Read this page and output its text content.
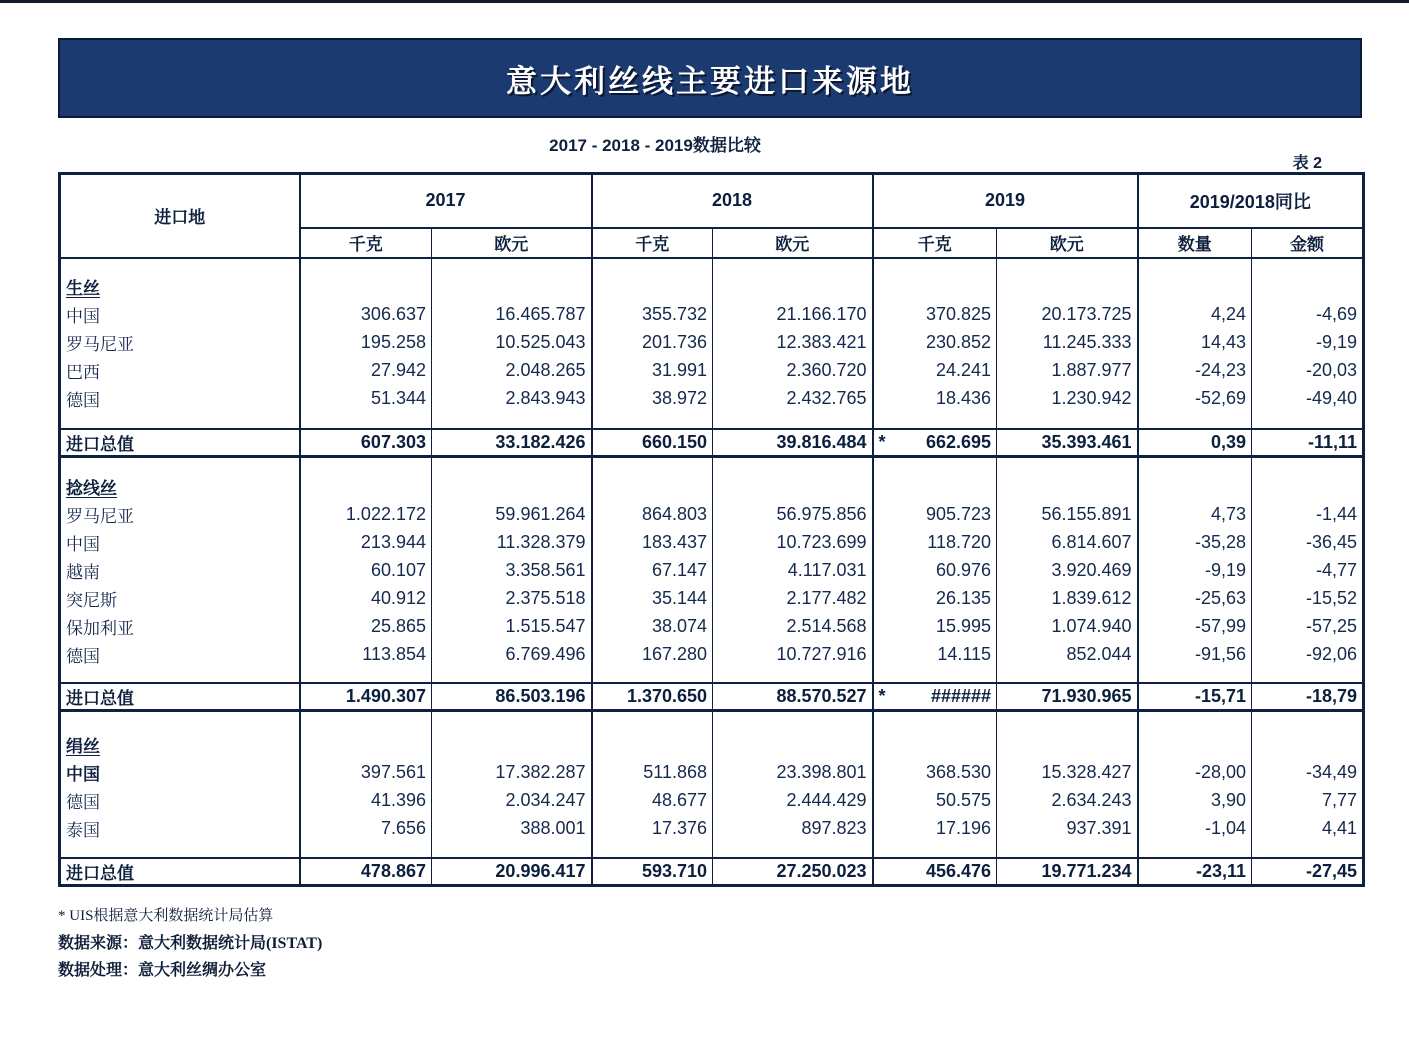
意大利丝线主要进口来源地
2017 - 2018 - 2019数据比较
表 2
进口地	2017		2018		2019		2019/2018同比	
	千克	欧元	千克	欧元	千克	欧元	数量	金额

生丝								
中国	306.637	16.465.787	355.732	21.166.170	370.825	20.173.725	4,24	-4,69
罗马尼亚	195.258	10.525.043	201.736	12.383.421	230.852	11.245.333	14,43	-9,19
巴西	27.942	2.048.265	31.991	2.360.720	24.241	1.887.977	-24,23	-20,03
德国	51.344	2.843.943	38.972	2.432.765	18.436	1.230.942	-52,69	-49,40

进口总值	607.303	33.182.426	660.150	39.816.484	* 662.695	35.393.461	0,39	-11,11

捻线丝								
罗马尼亚	1.022.172	59.961.264	864.803	56.975.856	905.723	56.155.891	4,73	-1,44
中国	213.944	11.328.379	183.437	10.723.699	118.720	6.814.607	-35,28	-36,45
越南	60.107	3.358.561	67.147	4.117.031	60.976	3.920.469	-9,19	-4,77
突尼斯	40.912	2.375.518	35.144	2.177.482	26.135	1.839.612	-25,63	-15,52
保加利亚	25.865	1.515.547	38.074	2.514.568	15.995	1.074.940	-57,99	-57,25
德国	113.854	6.769.496	167.280	10.727.916	14.115	852.044	-91,56	-92,06

进口总值	1.490.307	86.503.196	1.370.650	88.570.527	* ######	71.930.965	-15,71	-18,79

绢丝								
中国	397.561	17.382.287	511.868	23.398.801	368.530	15.328.427	-28,00	-34,49
德国	41.396	2.034.247	48.677	2.444.429	50.575	2.634.243	3,90	7,77
泰国	7.656	388.001	17.376	897.823	17.196	937.391	-1,04	4,41

进口总值	478.867	20.996.417	593.710	27.250.023	456.476	19.771.234	-23,11	-27,45
* UIS根据意大利数据统计局估算
数据来源：意大利数据统计局(ISTAT)
数据处理：意大利丝绸办公室
